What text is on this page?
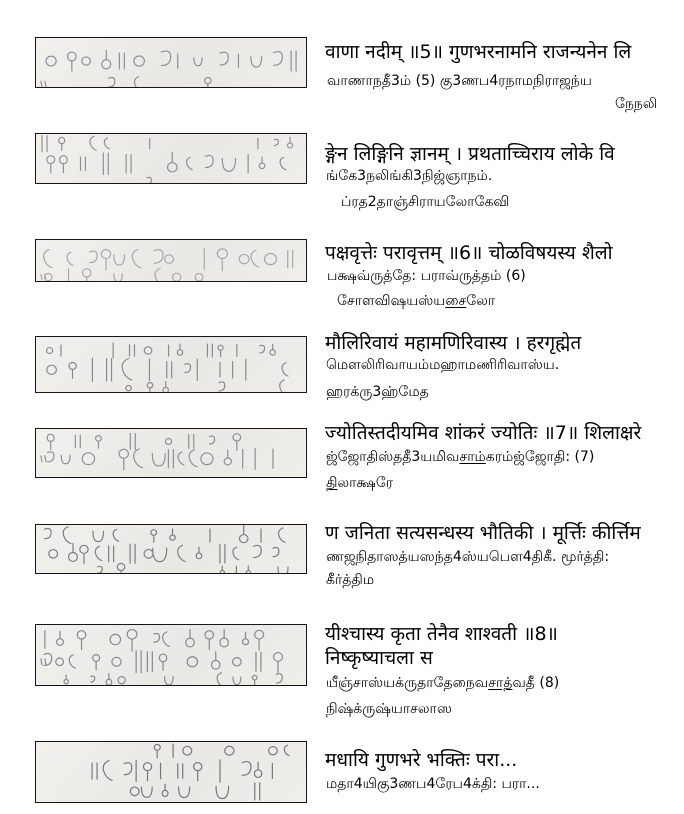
वाणा नदीम् ॥5॥ गुणभरनामनि राजन्यनेन लि
வாணாநதீ3ம் (5) கு3ணப4ரநாமநிராஜந்ய
நேநலி
ङ्गेन लिङ्गिनि ज्ञानम् । प्रथताच्चिराय लोके वि
ங்கே3நலிங்கி3நிஜ்ஞாநம்.
ப்ரத2தாஞ்சிராயலோகேவி
पक्षवृत्तेः परावृत्तम् ॥6॥ चोळविषयस्य शैलो
பக்ஷவ்ருத்தே: பராவ்ருத்தம் (6)
சோளவிஷயஸ்யசைலோ
मौलिरिवायं महामणिरिवास्य । हरगृह्मेत
மௌலிரிவாயம்மஹாமணிரிவாஸ்ய.
ஹரக்ரு3ஹ்மேத
ज्योतिस्तदीयमिव शांकरं ज्योतिः ॥7॥ शिलाक्षरे
ஜ்ஜோதிஸ்ததீ3யமிவசாம்கரம்ஜ்ஜோதி: (7)
திலாக்ஷரே
ण जनिता सत्यसन्धस्य भौतिकी । मूर्त्तिः कीर्त्तिम
ணஜநிதாஸத்யஸந்த4ஸ்யபௌ4திகீ. மூர்த்தி:
கீர்த்திம
यीश्चास्य कृता तेनैव शाश्वती ॥8॥
निष्कृष्याचला स
யீஞ்சாஸ்யக்ருதாதேநைவசாத்வதீ (8)
நிஷ்க்ருஷ்யாசலாஸ
मधायि गुणभरे भक्तिः परा...
மதா4யிகு3ணப4ரேப4க்தி: பரா...
